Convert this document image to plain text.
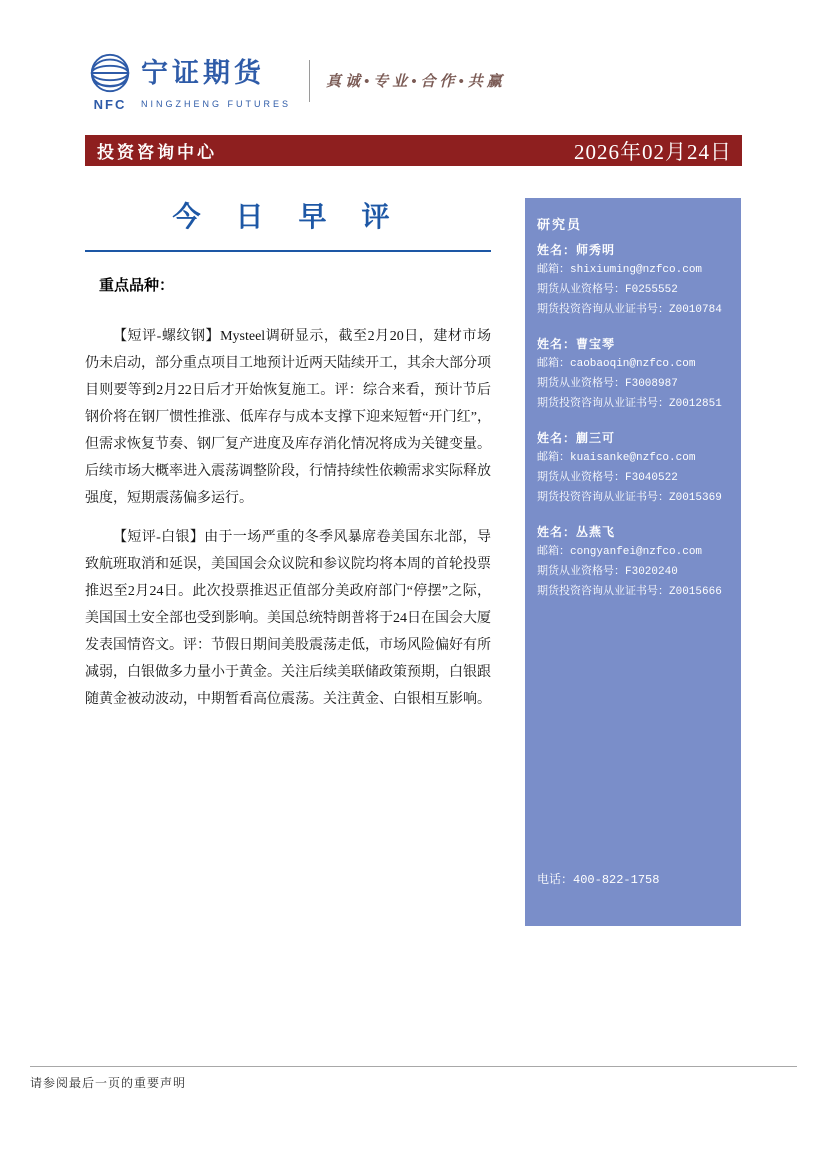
宁证期货
NFC	NINGZHENG FUTURES
真诚•专业•合作•共赢
投资咨询中心	2026年02月24日
今 日 早 评
重点品种：

【短评-螺纹钢】Mysteel调研显示，截至2月20日，建材市场仍未启动，部分重点项目工地预计近两天陆续开工，其余大部分项目则要等到2月22日后才开始恢复施工。评：综合来看，预计节后钢价将在钢厂惯性推涨、低库存与成本支撑下迎来短暂“开门红”，但需求恢复节奏、钢厂复产进度及库存消化情况将成为关键变量。后续市场大概率进入震荡调整阶段，行情持续性依赖需求实际释放强度，短期震荡偏多运行。

【短评-白银】由于一场严重的冬季风暴席卷美国东北部，导致航班取消和延误，美国国会众议院和参议院均将本周的首轮投票推迟至2月24日。此次投票推迟正值部分美政府部门“停摆”之际，美国国土安全部也受到影响。美国总统特朗普将于24日在国会大厦发表国情咨文。评：节假日期间美股震荡走低，市场风险偏好有所减弱，白银做多力量小于黄金。关注后续美联储政策预期，白银跟随黄金被动波动，中期暂看高位震荡。关注黄金、白银相互影响。

研究员
姓名：师秀明
邮箱：shixiuming@nzfco.com
期货从业资格号：F0255552
期货投资咨询从业证书号：Z0010784
姓名：曹宝琴
邮箱：caobaoqin@nzfco.com
期货从业资格号：F3008987
期货投资咨询从业证书号：Z0012851
姓名：蒯三可
邮箱：kuaisanke@nzfco.com
期货从业资格号：F3040522
期货投资咨询从业证书号：Z0015369
姓名：丛燕飞
邮箱：congyanfei@nzfco.com
期货从业资格号：F3020240
期货投资咨询从业证书号：Z0015666
电话：400-822-1758
请参阅最后一页的重要声明
